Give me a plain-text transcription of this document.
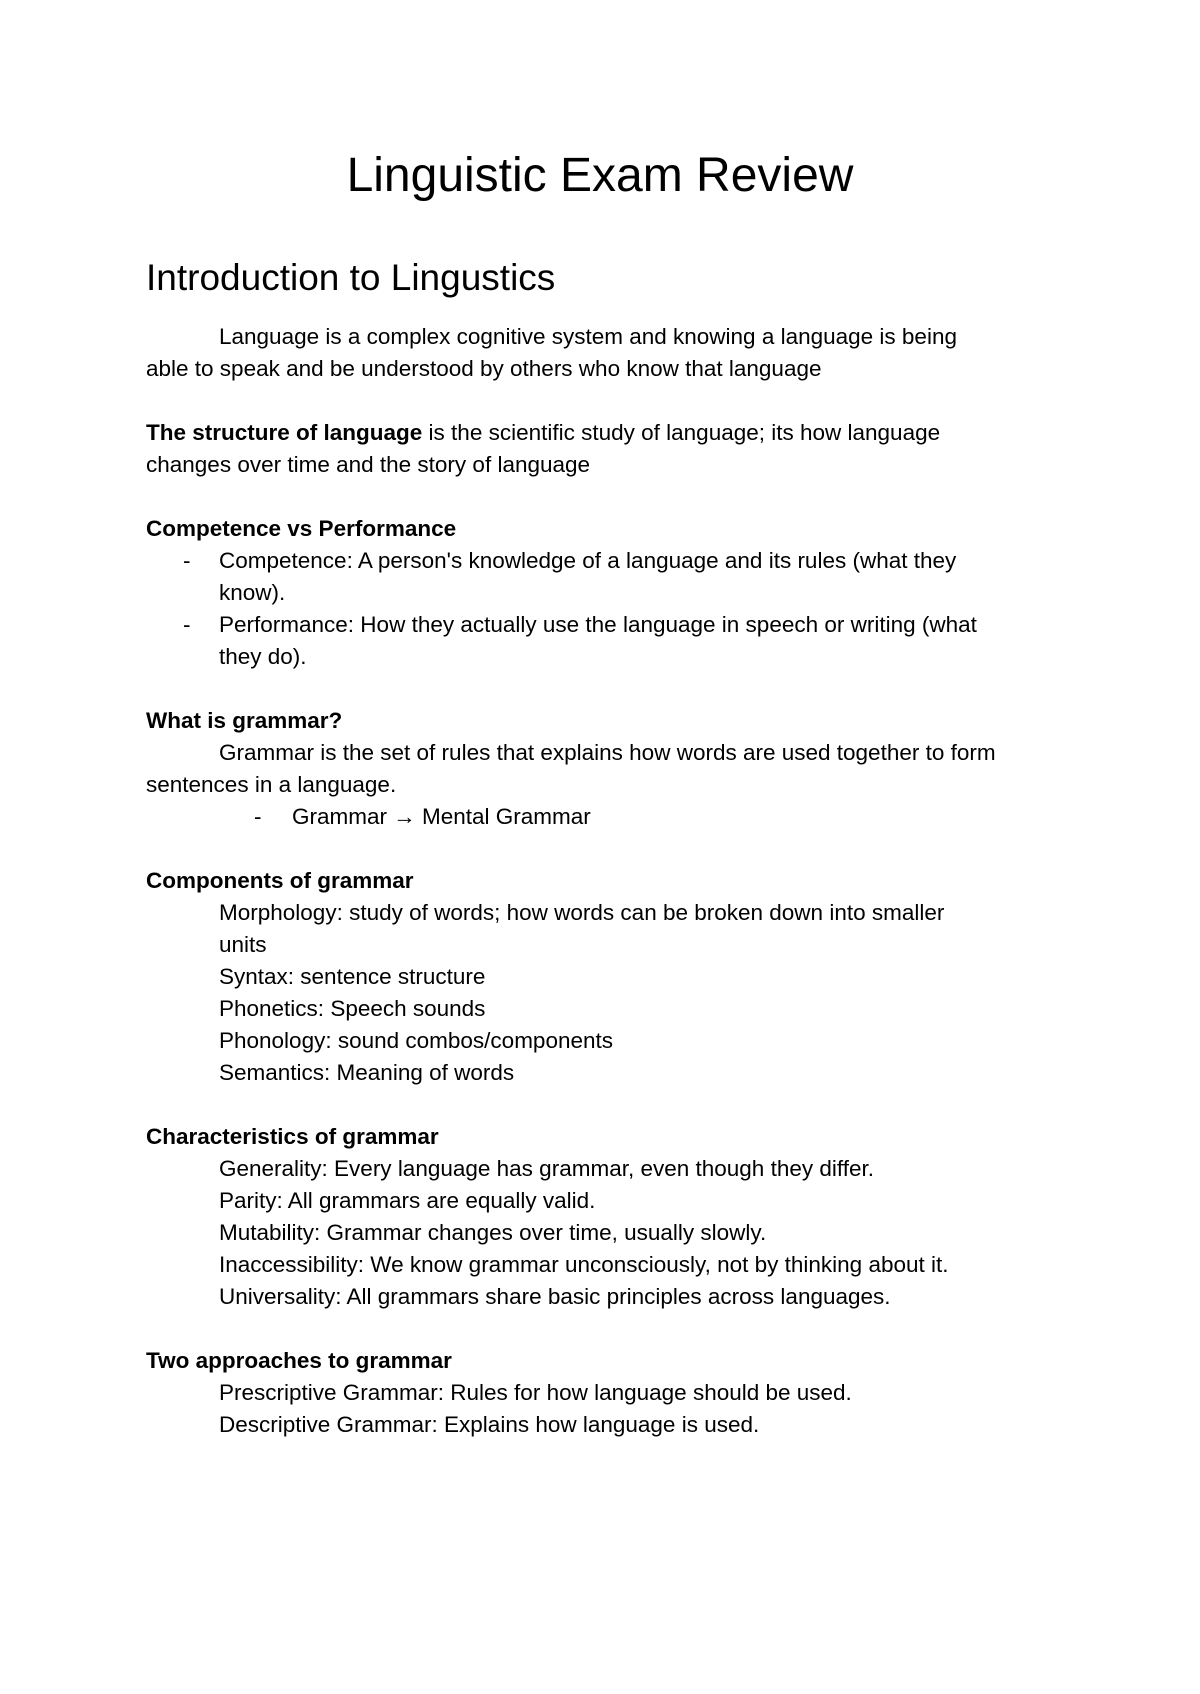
Linguistic Exam Review
Introduction to Lingustics

Language is a complex cognitive system and knowing a language is being

able to speak and be understood by others who know that language

The structure of language is the scientific study of language; its how language

changes over time and the story of language

Competence vs Performance

- Competence: A person's knowledge of a language and its rules (what they

know).

- Performance: How they actually use the language in speech or writing (what

they do).

What is grammar?

Grammar is the set of rules that explains how words are used together to form

sentences in a language.

- Grammar → Mental Grammar

Components of grammar

Morphology: study of words; how words can be broken down into smaller

units

Syntax: sentence structure

Phonetics: Speech sounds

Phonology: sound combos/components

Semantics: Meaning of words

Characteristics of grammar

Generality: Every language has grammar, even though they differ.

Parity: All grammars are equally valid.

Mutability: Grammar changes over time, usually slowly.

Inaccessibility: We know grammar unconsciously, not by thinking about it.

Universality: All grammars share basic principles across languages.

Two approaches to grammar

Prescriptive Grammar: Rules for how language should be used.

Descriptive Grammar: Explains how language is used.
